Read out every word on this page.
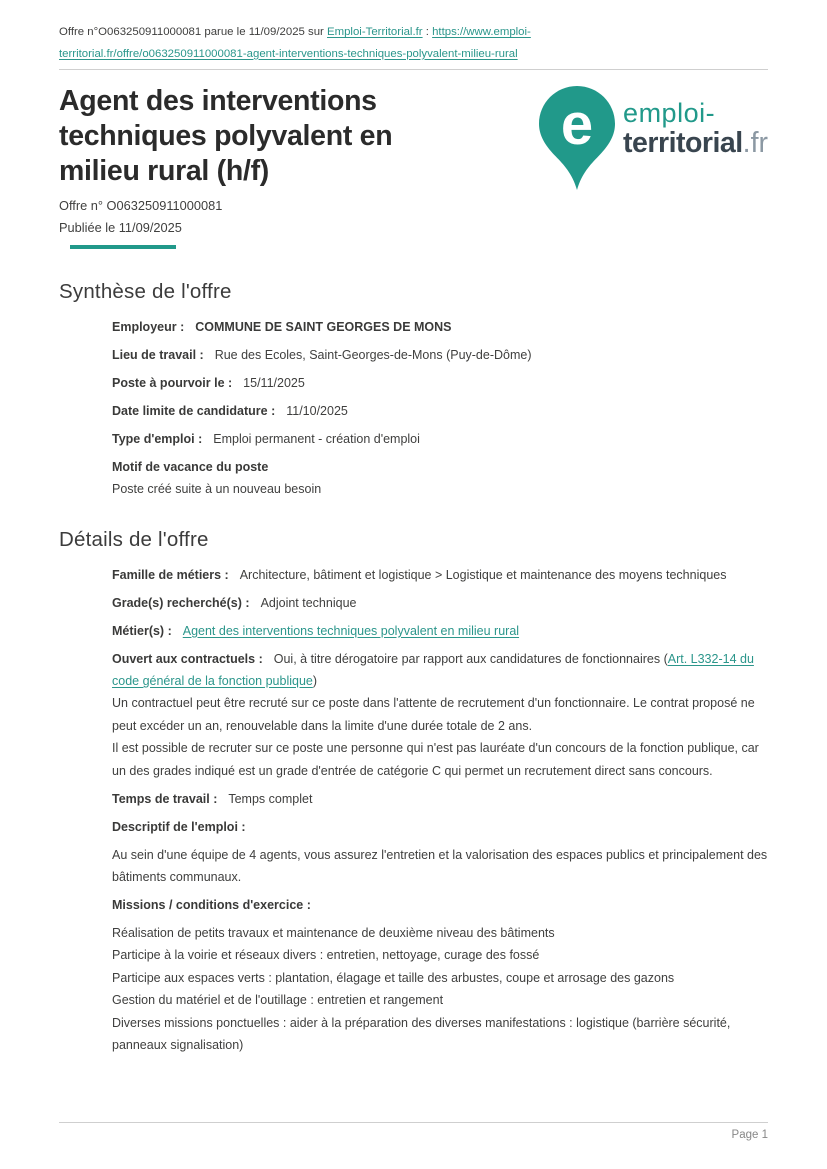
Offre n°O063250911000081 parue le 11/09/2025 sur Emploi-Territorial.fr : https://www.emploi-territorial.fr/offre/o063250911000081-agent-interventions-techniques-polyvalent-milieu-rural
Agent des interventions techniques polyvalent en milieu rural (h/f)
Offre n° O063250911000081
Publiée le 11/09/2025
e emploi-
territorial.fr
Synthèse de l'offre
Employeur : COMMUNE DE SAINT GEORGES DE MONS
Lieu de travail : Rue des Ecoles, Saint-Georges-de-Mons (Puy-de-Dôme)
Poste à pourvoir le : 15/11/2025
Date limite de candidature : 11/10/2025
Type d'emploi : Emploi permanent - création d'emploi
Motif de vacance du poste
Poste créé suite à un nouveau besoin
Détails de l'offre
Famille de métiers : Architecture, bâtiment et logistique > Logistique et maintenance des moyens techniques
Grade(s) recherché(s) : Adjoint technique
Métier(s) : Agent des interventions techniques polyvalent en milieu rural
Ouvert aux contractuels : Oui, à titre dérogatoire par rapport aux candidatures de fonctionnaires (Art. L332-14 du code général de la fonction publique)
Un contractuel peut être recruté sur ce poste dans l'attente de recrutement d'un fonctionnaire. Le contrat proposé ne peut excéder un an, renouvelable dans la limite d'une durée totale de 2 ans.
Il est possible de recruter sur ce poste une personne qui n'est pas lauréate d'un concours de la fonction publique, car un des grades indiqué est un grade d'entrée de catégorie C qui permet un recrutement direct sans concours.
Temps de travail : Temps complet
Descriptif de l'emploi :
Au sein d'une équipe de 4 agents, vous assurez l'entretien et la valorisation des espaces publics et principalement des bâtiments communaux.
Missions / conditions d'exercice :
Réalisation de petits travaux et maintenance de deuxième niveau des bâtiments
Participe à la voirie et réseaux divers : entretien, nettoyage, curage des fossé
Participe aux espaces verts : plantation, élagage et taille des arbustes, coupe et arrosage des gazons
Gestion du matériel et de l'outillage : entretien et rangement
Diverses missions ponctuelles : aider à la préparation des diverses manifestations : logistique (barrière sécurité, panneaux signalisation)
Page 1
